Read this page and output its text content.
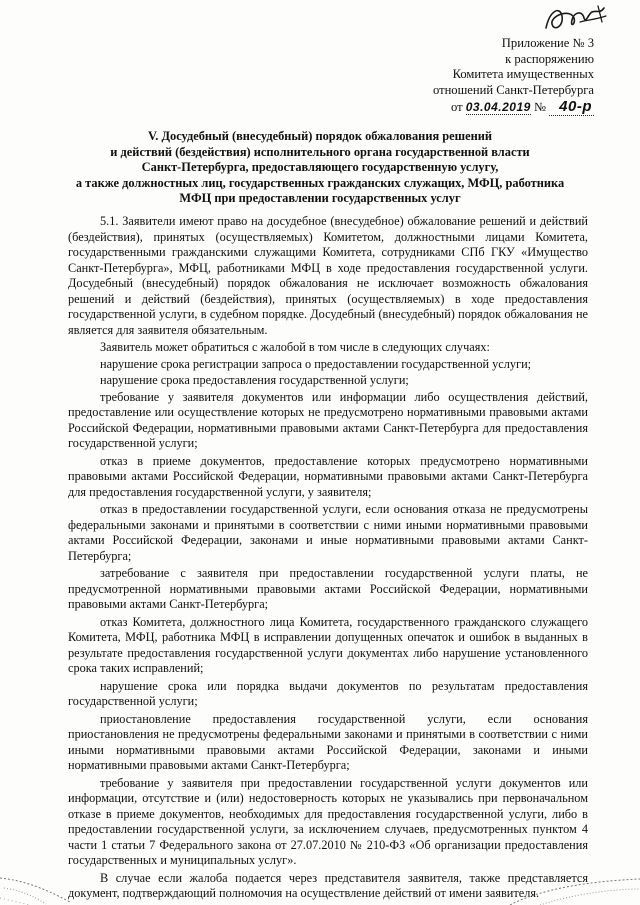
Приложение № 3
к распоряжению
Комитета имущественных
отношений Санкт-Петербурга
от 03.04.2019 № 40-р
V. Досудебный (внесудебный) порядок обжалования решений
и действий (бездействия) исполнительного органа государственной власти
Санкт-Петербурга, предоставляющего государственную услугу,
а также должностных лиц, государственных гражданских служащих, МФЦ, работника
МФЦ при предоставлении государственных услуг

5.1. Заявители имеют право на досудебное (внесудебное) обжалование решений и действий (бездействия), принятых (осуществляемых) Комитетом, должностными лицами Комитета, государственными гражданскими служащими Комитета, сотрудниками СПб ГКУ «Имущество Санкт-Петербурга», МФЦ, работниками МФЦ в ходе предоставления государственной услуги. Досудебный (внесудебный) порядок обжалования не исключает возможность обжалования решений и действий (бездействия), принятых (осуществляемых) в ходе предоставления государственной услуги, в судебном порядке. Досудебный (внесудебный) порядок обжалования не является для заявителя обязательным.

Заявитель может обратиться с жалобой в том числе в следующих случаях:

нарушение срока регистрации запроса о предоставлении государственной услуги;

нарушение срока предоставления государственной услуги;

требование у заявителя документов или информации либо осуществления действий, предоставление или осуществление которых не предусмотрено нормативными правовыми актами Российской Федерации, нормативными правовыми актами Санкт-Петербурга для предоставления государственной услуги;

отказ в приеме документов, предоставление которых предусмотрено нормативными правовыми актами Российской Федерации, нормативными правовыми актами Санкт-Петербурга для предоставления государственной услуги, у заявителя;

отказ в предоставлении государственной услуги, если основания отказа не предусмотрены федеральными законами и принятыми в соответствии с ними иными нормативными правовыми актами Российской Федерации, законами и иные нормативными правовыми актами Санкт-Петербурга;

затребование с заявителя при предоставлении государственной услуги платы, не предусмотренной нормативными правовыми актами Российской Федерации, нормативными правовыми актами Санкт-Петербурга;

отказ Комитета, должностного лица Комитета, государственного гражданского служащего Комитета, МФЦ, работника МФЦ в исправлении допущенных опечаток и ошибок в выданных в результате предоставления государственной услуги документах либо нарушение установленного срока таких исправлений;

нарушение срока или порядка выдачи документов по результатам предоставления государственной услуги;

приостановление предоставления государственной услуги, если основания приостановления не предусмотрены федеральными законами и принятыми в соответствии с ними иными нормативными правовыми актами Российской Федерации, законами и иными нормативными правовыми актами Санкт-Петербурга;

требование у заявителя при предоставлении государственной услуги документов или информации, отсутствие и (или) недостоверность которых не указывались при первоначальном отказе в приеме документов, необходимых для предоставления государственной услуги, либо в предоставлении государственной услуги, за исключением случаев, предусмотренных пунктом 4 части 1 статьи 7 Федерального закона от 27.07.2010 № 210-ФЗ «Об организации предоставления государственных и муниципальных услуг».

В случае если жалоба подается через представителя заявителя, также представляется документ, подтверждающий полномочия на осуществление действий от имени заявителя.
